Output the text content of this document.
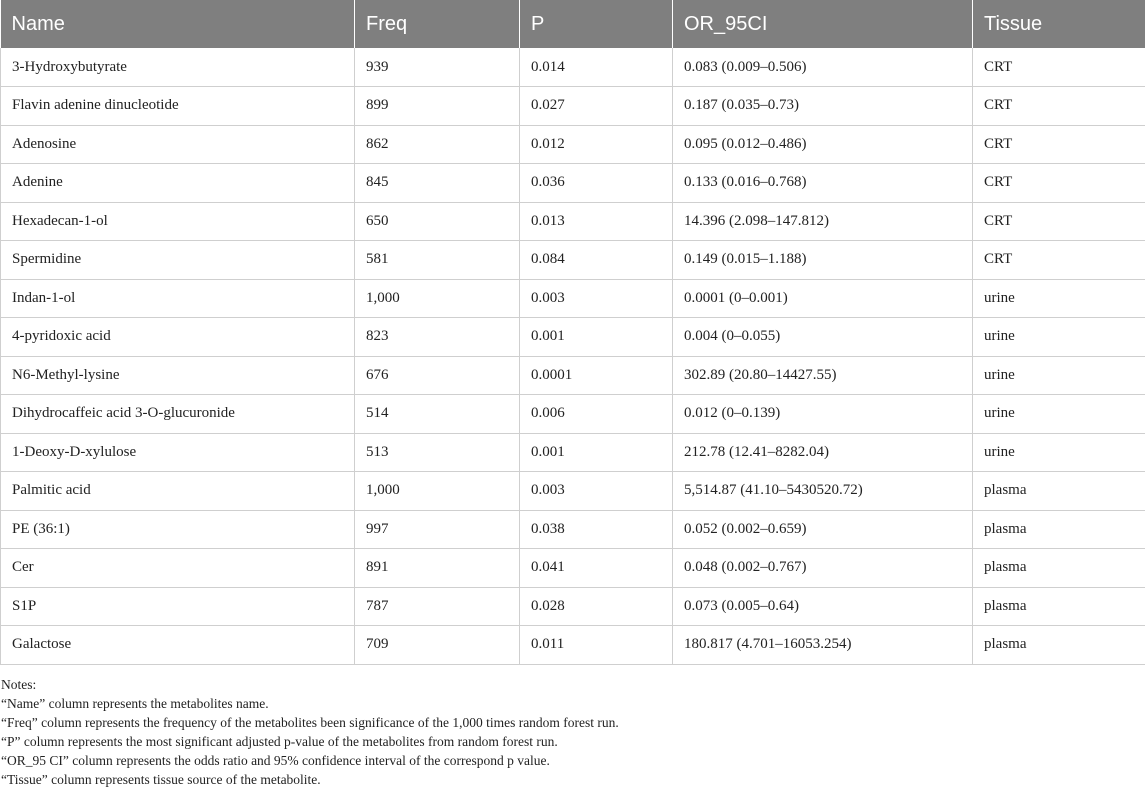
Name	Freq	P	OR_95CI	Tissue
3-Hydroxybutyrate	939	0.014	0.083 (0.009–0.506)	CRT
Flavin adenine dinucleotide	899	0.027	0.187 (0.035–0.73)	CRT
Adenosine	862	0.012	0.095 (0.012–0.486)	CRT
Adenine	845	0.036	0.133 (0.016–0.768)	CRT
Hexadecan-1-ol	650	0.013	14.396 (2.098–147.812)	CRT
Spermidine	581	0.084	0.149 (0.015–1.188)	CRT
Indan-1-ol	1,000	0.003	0.0001 (0–0.001)	urine
4-pyridoxic acid	823	0.001	0.004 (0–0.055)	urine
N6-Methyl-lysine	676	0.0001	302.89 (20.80–14427.55)	urine
Dihydrocaffeic acid 3-O-glucuronide	514	0.006	0.012 (0–0.139)	urine
1-Deoxy-D-xylulose	513	0.001	212.78 (12.41–8282.04)	urine
Palmitic acid	1,000	0.003	5,514.87 (41.10–5430520.72)	plasma
PE (36:1)	997	0.038	0.052 (0.002–0.659)	plasma
Cer	891	0.041	0.048 (0.002–0.767)	plasma
S1P	787	0.028	0.073 (0.005–0.64)	plasma
Galactose	709	0.011	180.817 (4.701–16053.254)	plasma
Notes:
“Name” column represents the metabolites name.
“Freq” column represents the frequency of the metabolites been significance of the 1,000 times random forest run.
“P” column represents the most significant adjusted p-value of the metabolites from random forest run.
“OR_95 CI” column represents the odds ratio and 95% confidence interval of the correspond p value.
“Tissue” column represents tissue source of the metabolite.
